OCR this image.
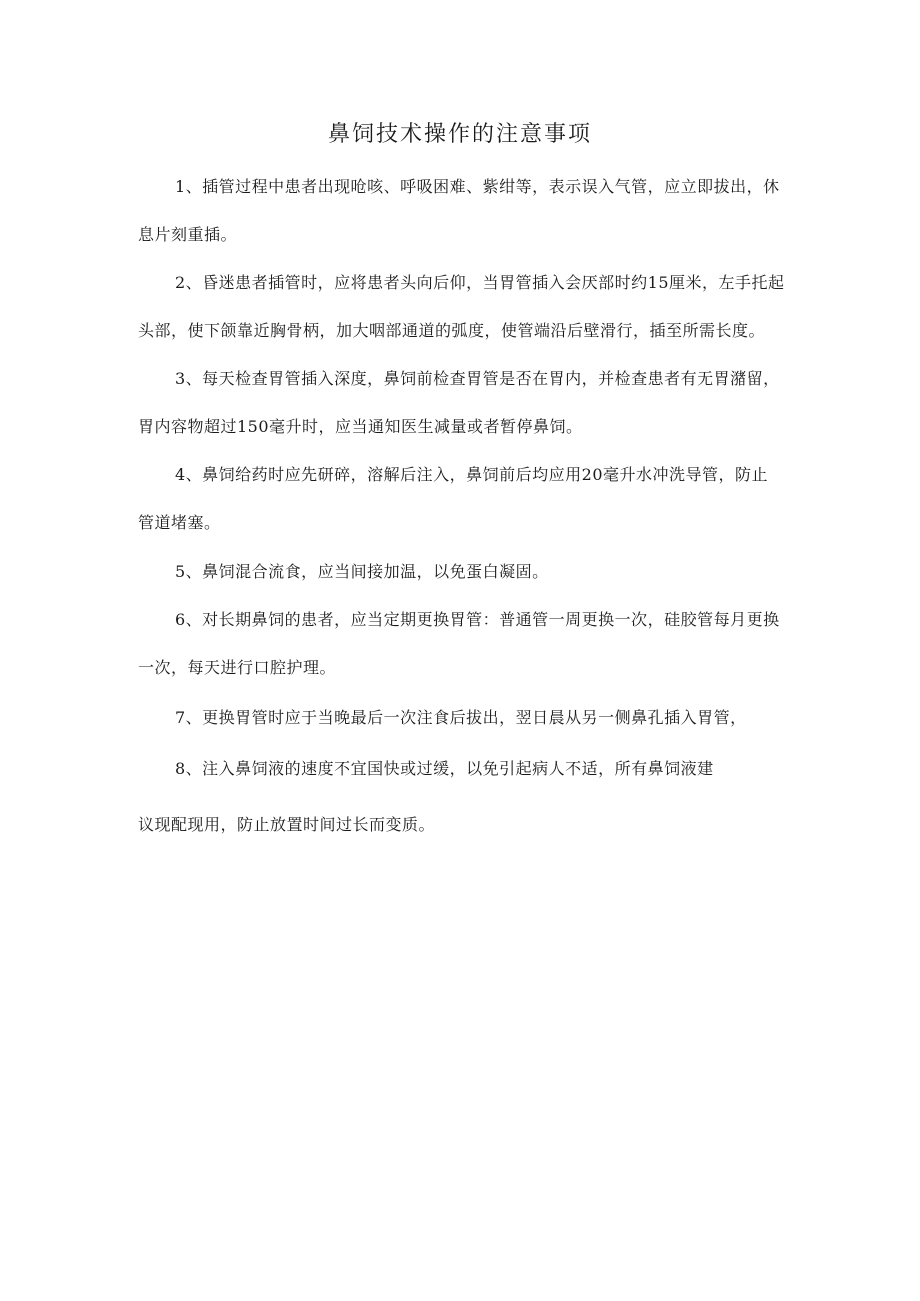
鼻饲技术操作的注意事项
1、插管过程中患者出现呛咳、呼吸困难、紫绀等，表示误入气管，应立即拔出，休
息片刻重插。
2、昏迷患者插管时，应将患者头向后仰，当胃管插入会厌部时约15厘米，左手托起
头部，使下颌靠近胸骨柄，加大咽部通道的弧度，使管端沿后壁滑行，插至所需长度。
3、每天检查胃管插入深度，鼻饲前检查胃管是否在胃内，并检查患者有无胃潴留，
胃内容物超过150毫升时，应当通知医生减量或者暂停鼻饲。
4、鼻饲给药时应先研碎，溶解后注入，鼻饲前后均应用20毫升水冲洗导管，防止
管道堵塞。
5、鼻饲混合流食，应当间接加温，以免蛋白凝固。
6、对长期鼻饲的患者，应当定期更换胃管：普通管一周更换一次，硅胶管每月更换
一次，每天进行口腔护理。
7、更换胃管时应于当晚最后一次注食后拔出，翌日晨从另一侧鼻孔插入胃管，
8、注入鼻饲液的速度不宜国快或过缓，以免引起病人不适，所有鼻饲液建
议现配现用，防止放置时间过长而变质。
